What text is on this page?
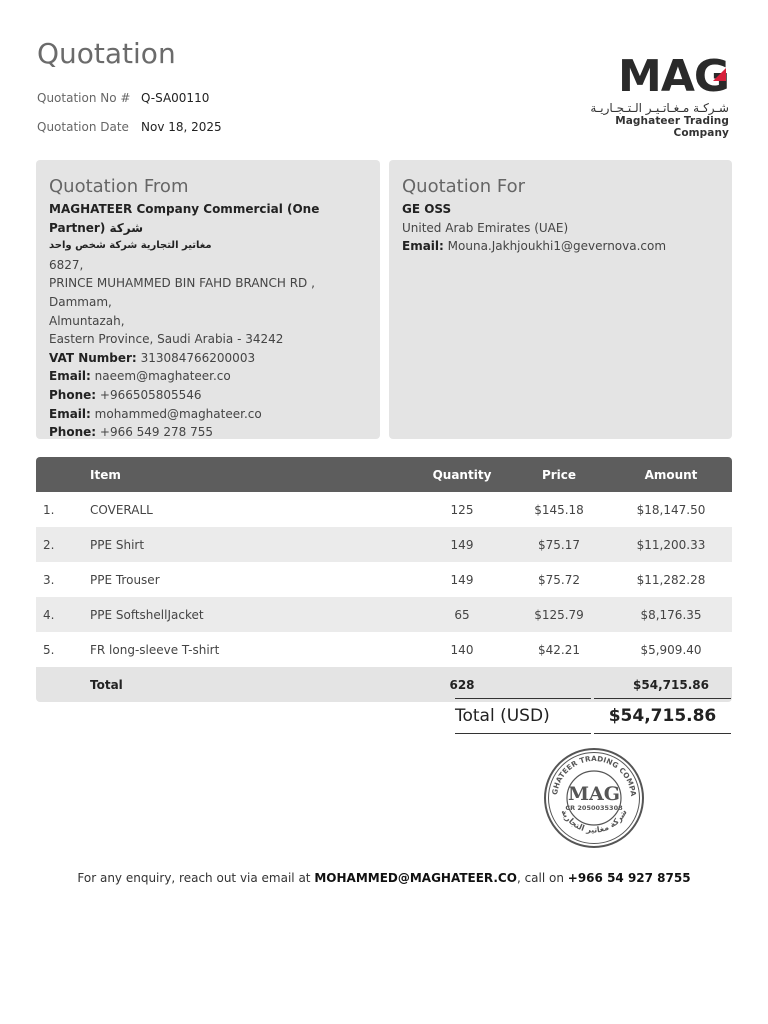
Quotation
Quotation No # Q-SA00110
Quotation Date Nov 18, 2025
MAG
شـركـة مـغـاتـيـر الـتـجـاريـة
Maghateer Trading Company
Quotation From
MAGHATEER Company Commercial (One Partner) شركة
مغاتير التجارية شركة شخص واحد
6827,
PRINCE MUHAMMED BIN FAHD BRANCH RD ,
Dammam,
Almuntazah,
Eastern Province, Saudi Arabia - 34242
VAT Number: 313084766200003
Email: naeem@maghateer.co
Phone: +966505805546
Email: mohammed@maghateer.co
Phone: +966 549 278 755
Quotation For
GE OSS
United Arab Emirates (UAE)
Email: Mouna.Jakhjoukhi1@gevernova.com
	Item	Quantity	Price	Amount
1.	COVERALL	125	$145.18	$18,147.50
2.	PPE Shirt	149	$75.17	$11,200.33
3.	PPE Trouser	149	$75.72	$11,282.28
4.	PPE SoftshellJacket	65	$125.79	$8,176.35
5.	FR long-sleeve T-shirt	140	$42.21	$5,909.40
	Total	628		$54,715.86
Total (USD)	$54,715.86
GHATEER TRADING COMPA
شركة مغاتير التجارية
MAG
CR 2050035308
For any enquiry, reach out via email at MOHAMMED@MAGHATEER.CO, call on +966 54 927 8755
